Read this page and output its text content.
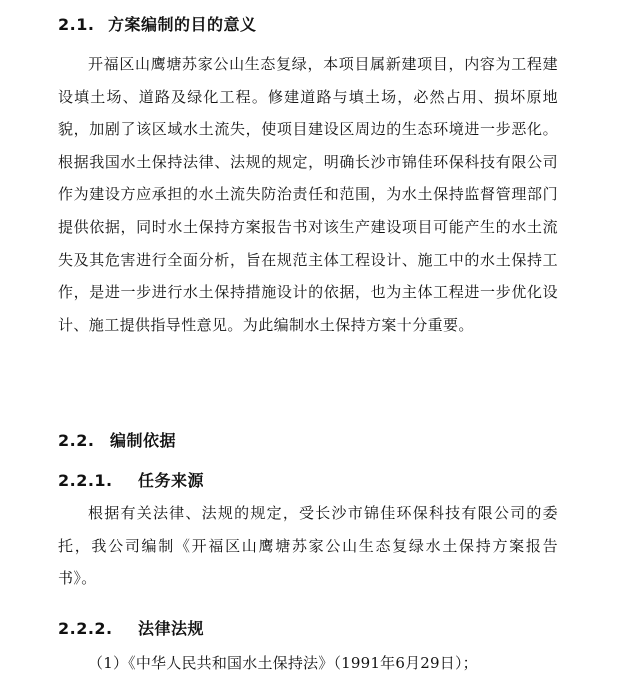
2.1. 方案编制的目的意义
开福区山鹰塘苏家公山生态复绿，本项目属新建项目，内容为工程建设填土场、道路及绿化工程。修建道路与填土场，必然占用、损坏原地貌，加剧了该区域水土流失，使项目建设区周边的生态环境进一步恶化。根据我国水土保持法律、法规的规定，明确长沙市锦佳环保科技有限公司作为建设方应承担的水土流失防治责任和范围，为水土保持监督管理部门提供依据，同时水土保持方案报告书对该生产建设项目可能产生的水土流失及其危害进行全面分析，旨在规范主体工程设计、施工中的水土保持工作，是进一步进行水土保持措施设计的依据，也为主体工程进一步优化设计、施工提供指导性意见。为此编制水土保持方案十分重要。
2.2. 编制依据
2.2.1. 任务来源
根据有关法律、法规的规定，受长沙市锦佳环保科技有限公司的委托，我公司编制《开福区山鹰塘苏家公山生态复绿水土保持方案报告书》。
2.2.2. 法律法规
（1）《中华人民共和国水土保持法》（1991年6月29日）；
